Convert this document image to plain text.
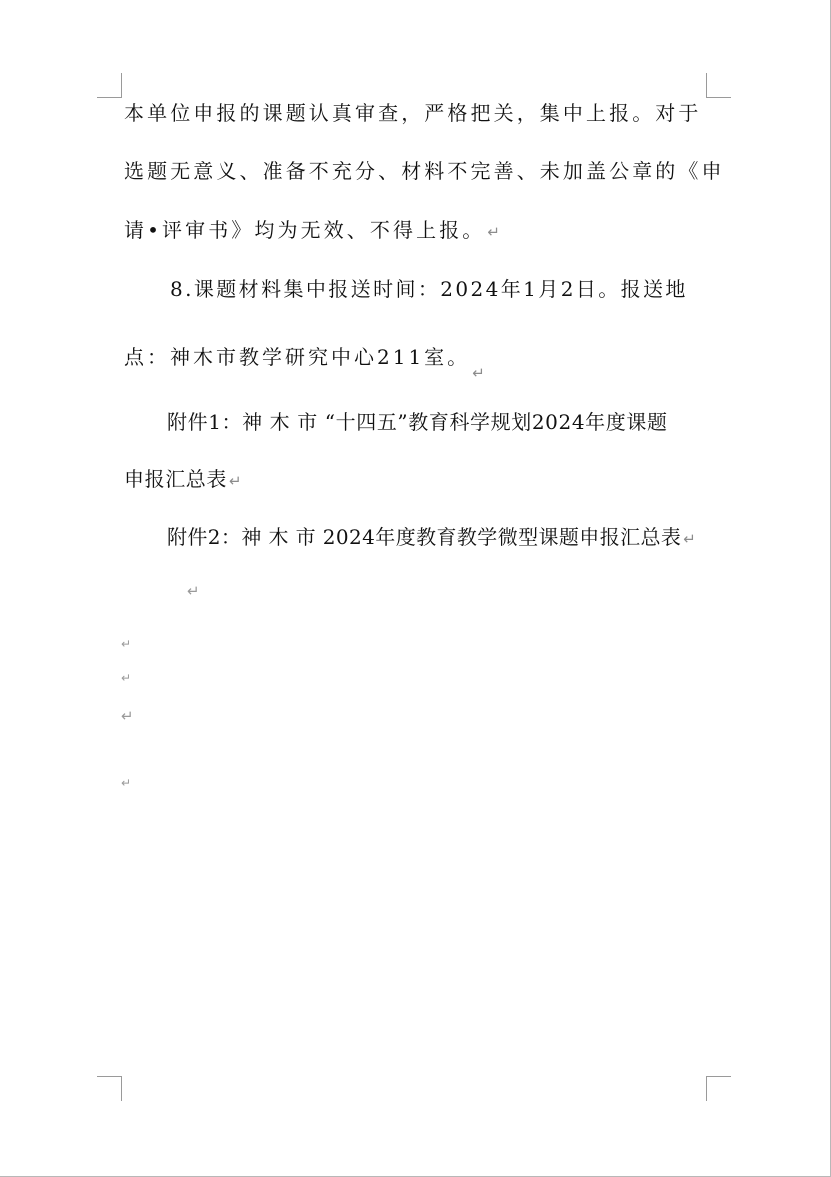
本单位申报的课题认真审查，严格把关，集中上报。对于
选题无意义、准备不充分、材料不完善、未加盖公章的《申
请•评审书》均为无效、不得上报。 ↵
8.课题材料集中报送时间：2024年1月2日。报送地
点：神木市教学研究中心211室。$_↵$
附件1：神 木 市 “十四五”教育科学规划2024年度课题
申报汇总表 ↵
附件2：神 木 市 2024年度教育教学微型课题申报汇总表 ↵
↵
↵
↵
↵
↵
